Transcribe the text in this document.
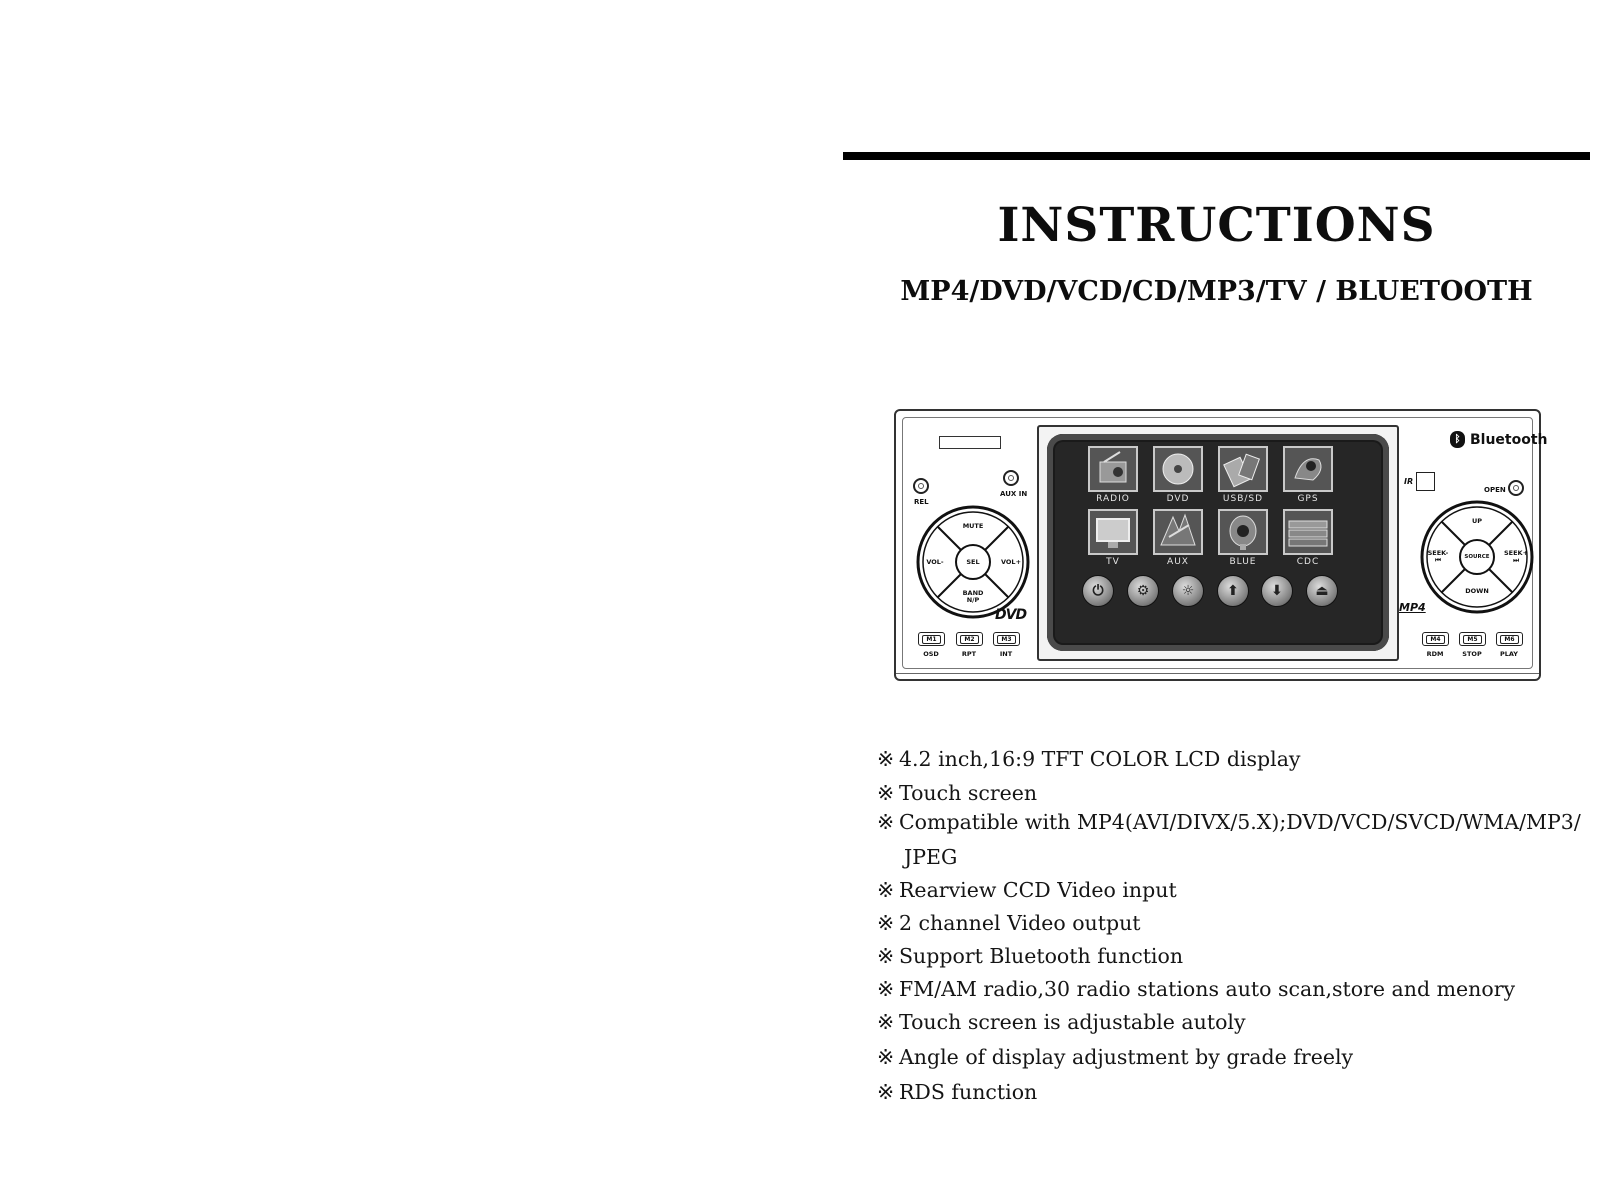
INSTRUCTIONS
MP4/DVD/VCD/CD/MP3/TV / BLUETOOTH
REL
AUX IN
MUTE
VOL-	SEL	VOL+
BAND
N/P
DVD
M1
OSD
M2
RPT
M3
INT
RADIO	DVD	USB/SD	GPS
TV	AUX	BLUE	CDC
⏻	⚙	☼	⬆	⬇	⏏
ᛒ Bluetooth
IR
OPEN
UP
SEEK-
⏮	SOURCE	SEEK+
⏭
DOWN
MP4
M4
RDM
M5
STOP
M6
PLAY
※ 4.2 inch,16:9 TFT COLOR LCD display
※ Touch screen
※ Compatible with MP4(AVI/DIVX/5.X);DVD/VCD/SVCD/WMA/MP3/
JPEG
※ Rearview CCD Video input
※ 2 channel Video output
※ Support Bluetooth function
※ FM/AM radio,30 radio stations auto scan,store and menory
※ Touch screen is adjustable autoly
※ Angle of display adjustment by grade freely
※ RDS function
